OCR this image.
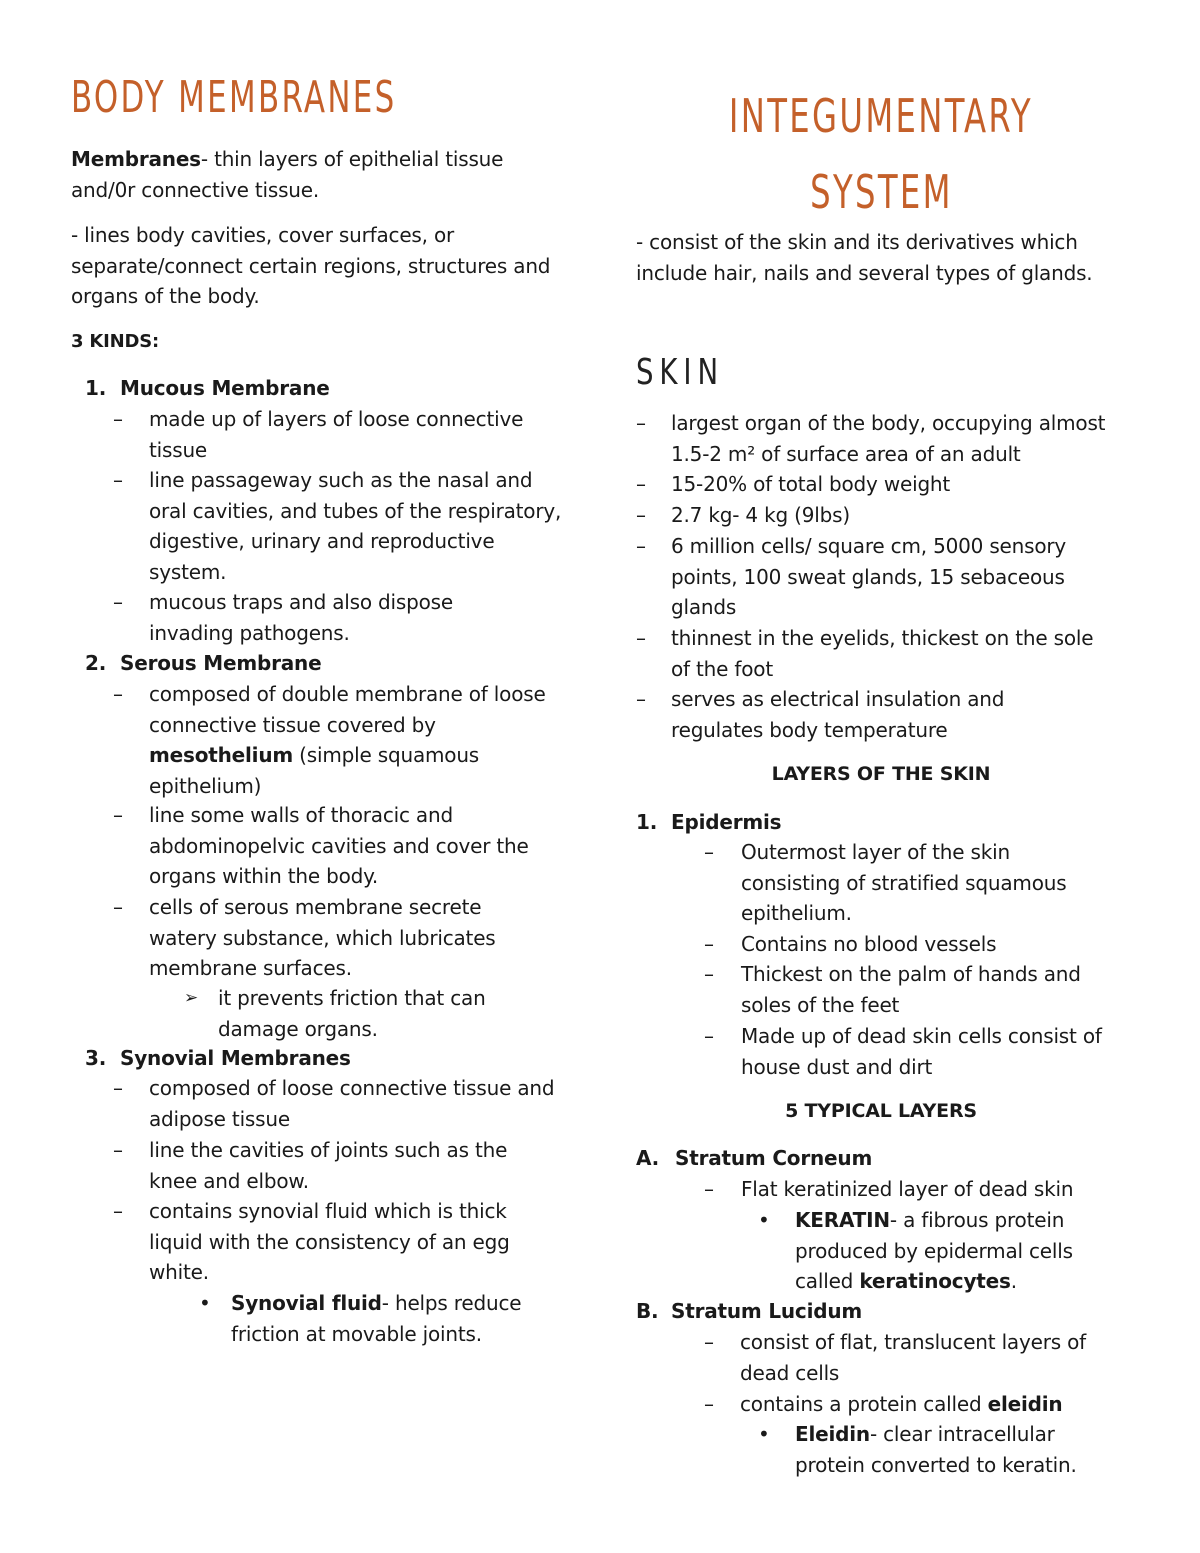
BODY MEMBRANES

Membranes- thin layers of epithelial tissue and/0r connective tissue.

- lines body cavities, cover surfaces, or separate/connect certain regions, structures and organs of the body.

3 KINDS:

1. Mucous Membrane
–	made up of layers of loose connective tissue
–	line passageway such as the nasal and oral cavities, and tubes of the respiratory, digestive, urinary and reproductive system.
–	mucous traps and also dispose invading pathogens.
2. Serous Membrane
–	composed of double membrane of loose connective tissue covered by mesothelium (simple squamous epithelium)
–	line some walls of thoracic and abdominopelvic cavities and cover the organs within the body.
–	cells of serous membrane secrete watery substance, which lubricates membrane surfaces.
➢ it prevents friction that can damage organs.
3. Synovial Membranes
–	composed of loose connective tissue and adipose tissue
–	line the cavities of joints such as the knee and elbow.
–	contains synovial fluid which is thick liquid with the consistency of an egg white.
•	Synovial fluid- helps reduce friction at movable joints.
INTEGUMENTARY
SYSTEM

- consist of the skin and its derivatives which include hair, nails and several types of glands.

SKIN
–	largest organ of the body, occupying almost 1.5-2 m² of surface area of an adult
–	15-20% of total body weight
–	2.7 kg- 4 kg (9lbs)
–	6 million cells/ square cm, 5000 sensory points, 100 sweat glands, 15 sebaceous glands
–	thinnest in the eyelids, thickest on the sole of the foot
–	serves as electrical insulation and regulates body temperature
LAYERS OF THE SKIN
1. Epidermis
–	Outermost layer of the skin consisting of stratified squamous epithelium.
–	Contains no blood vessels
–	Thickest on the palm of hands and soles of the feet
–	Made up of dead skin cells consist of house dust and dirt
5 TYPICAL LAYERS
A. Stratum Corneum
–	Flat keratinized layer of dead skin
•	KERATIN- a fibrous protein produced by epidermal cells called keratinocytes.
B. Stratum Lucidum
–	consist of flat, translucent layers of dead cells
–	contains a protein called eleidin
•	Eleidin- clear intracellular protein converted to keratin.
